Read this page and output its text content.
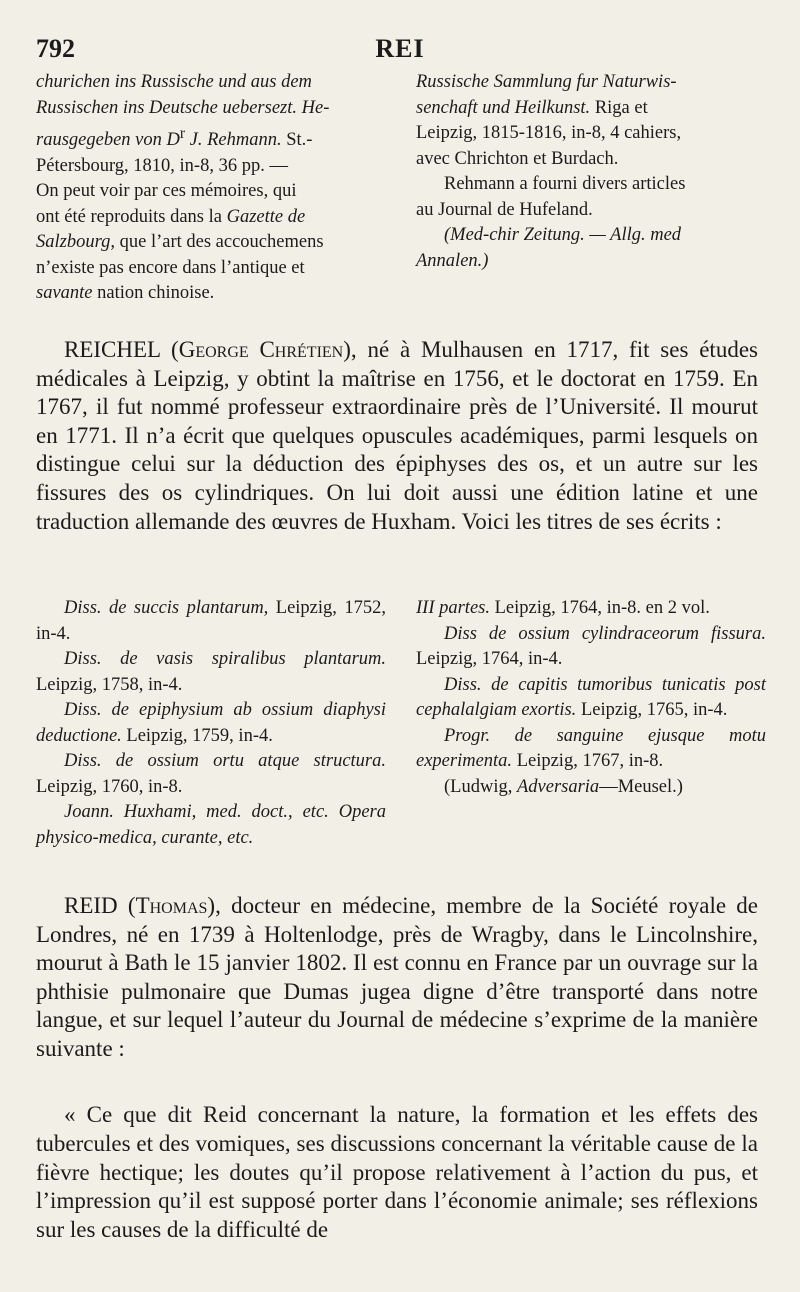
792	REI

churichen ins Russische und aus dem

Russischen ins Deutsche uebersezt. He-

rausgegeben von $D^r$ J. Rehmann. St.-

Pétersbourg, 1810, in-8, 36 pp. —

On peut voir par ces mémoires, qui

ont été reproduits dans la Gazette de

Salzbourg, que l’art des accouchemens

n’existe pas encore dans l’antique et

savante nation chinoise.

Russische Sammlung fur Naturwis-

senchaft und Heilkunst. Riga et

Leipzig, 1815-1816, in-8, 4 cahiers,

avec Chrichton et Burdach.

Rehmann a fourni divers articles

au Journal de Hufeland.

(Med-chir Zeitung. — Allg. med

Annalen.)

REICHEL (George Chrétien), né à Mulhausen en 1717, fit ses études médicales à Leipzig, y obtint la maîtrise en 1756, et le doctorat en 1759. En 1767, il fut nommé professeur extraordinaire près de l’Université. Il mourut en 1771. Il n’a écrit que quelques opuscules académiques, parmi lesquels on distingue celui sur la déduction des épiphyses des os, et un autre sur les fissures des os cylindriques. On lui doit aussi une édition latine et une traduction allemande des œuvres de Huxham. Voici les titres de ses écrits :

Diss. de succis plantarum, Leipzig, 1752, in-4.

Diss. de vasis spiralibus plantarum. Leipzig, 1758, in-4.

Diss. de epiphysium ab ossium diaphysi deductione. Leipzig, 1759, in-4.

Diss. de ossium ortu atque structura. Leipzig, 1760, in-8.

Joann. Huxhami, med. doct., etc. Opera physico-medica, curante, etc.

III partes. Leipzig, 1764, in-8. en 2 vol.

Diss de ossium cylindraceorum fissura. Leipzig, 1764, in-4.

Diss. de capitis tumoribus tunicatis post cephalalgiam exortis. Leipzig, 1765, in-4.

Progr. de sanguine ejusque motu experimenta. Leipzig, 1767, in-8.

(Ludwig, Adversaria—Meusel.)

REID (Thomas), docteur en médecine, membre de la Société royale de Londres, né en 1739 à Holtenlodge, près de Wragby, dans le Lincolnshire, mourut à Bath le 15 janvier 1802. Il est connu en France par un ouvrage sur la phthisie pulmonaire que Dumas jugea digne d’être transporté dans notre langue, et sur lequel l’auteur du Journal de médecine s’exprime de la manière suivante :

« Ce que dit Reid concernant la nature, la formation et les effets des tubercules et des vomiques, ses discussions concernant la véritable cause de la fièvre hectique; les doutes qu’il propose relativement à l’action du pus, et l’impression qu’il est supposé porter dans l’économie animale; ses réflexions sur les causes de la difficulté de
